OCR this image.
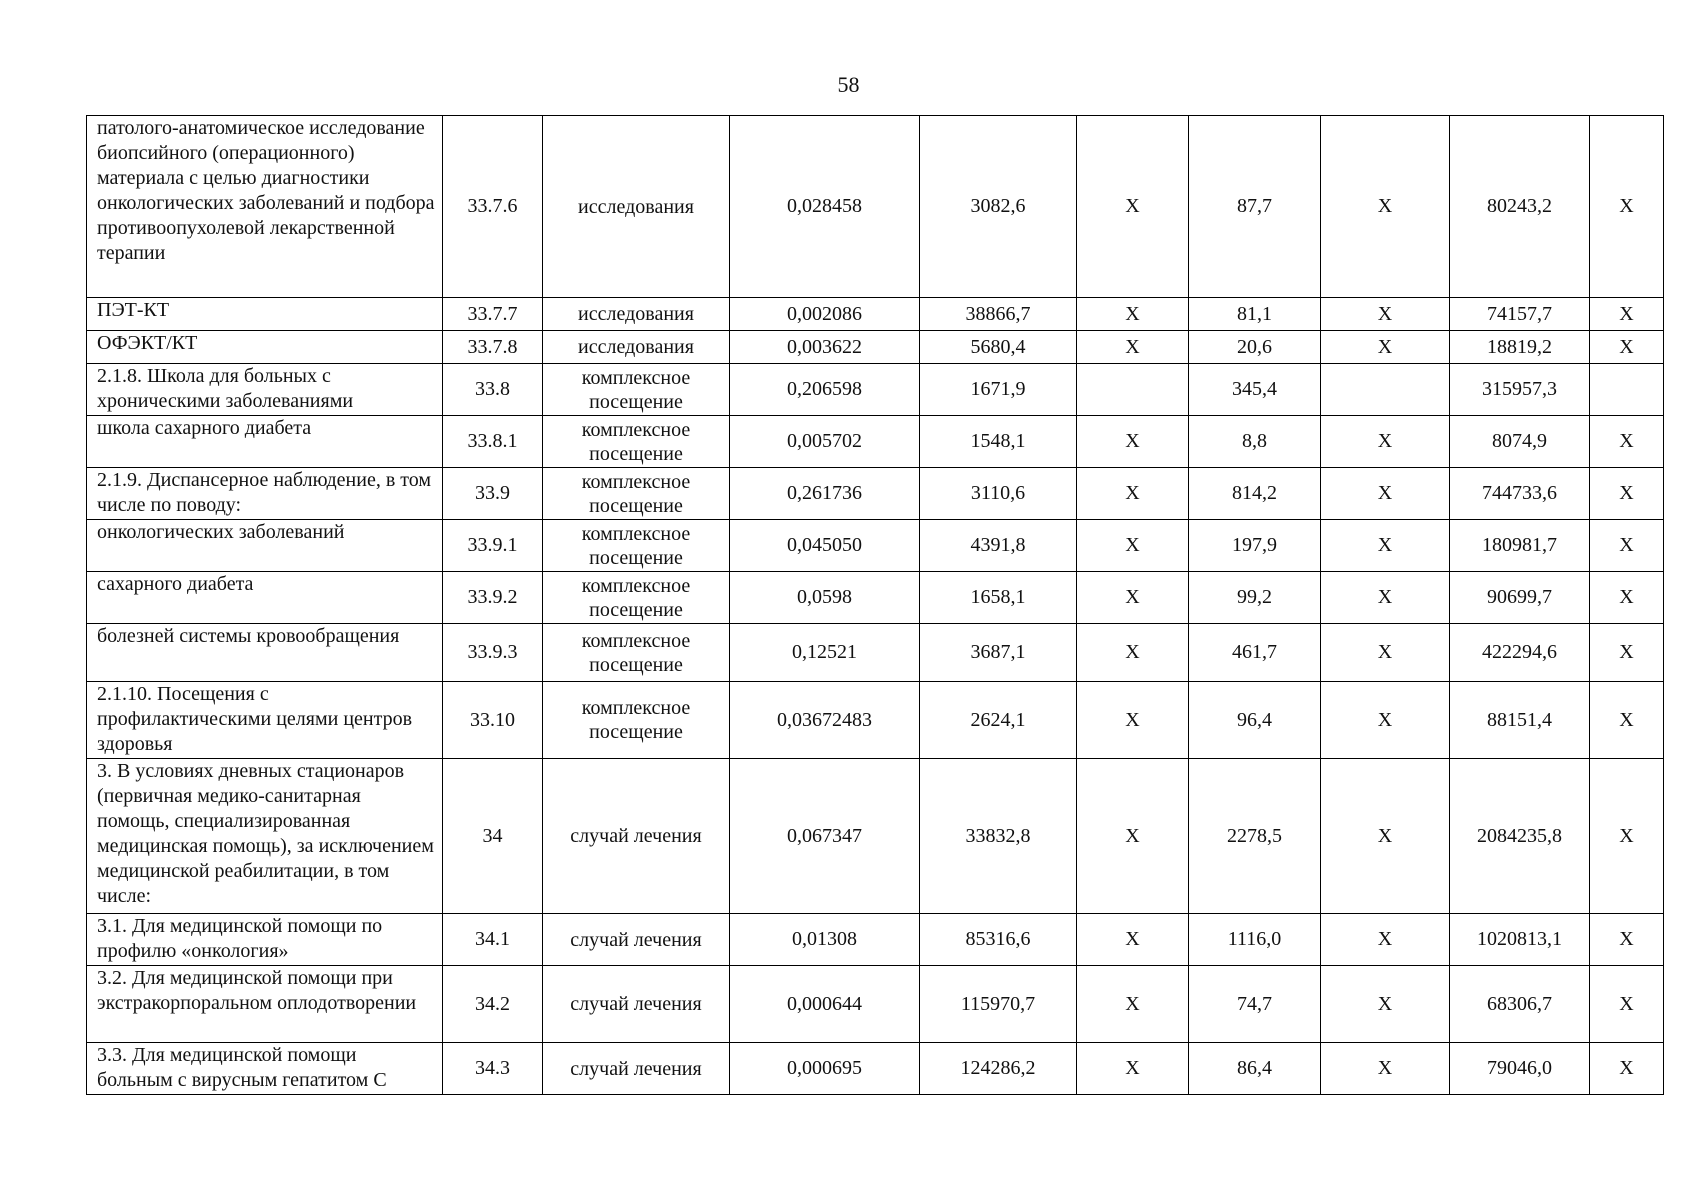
58
патолого-анатомическое исследование биопсийного (операционного) материала с целью диагностики онкологических заболеваний и подбора противоопухолевой лекарственной терапии	33.7.6	исследования	0,028458	3082,6	X	87,7	X	80243,2	X
ПЭТ-КТ	33.7.7	исследования	0,002086	38866,7	X	81,1	X	74157,7	X
ОФЭКТ/КТ	33.7.8	исследования	0,003622	5680,4	X	20,6	X	18819,2	X
2.1.8. Школа для больных с хроническими заболеваниями	33.8	комплексное посещение	0,206598	1671,9		345,4		315957,3	
школа сахарного диабета	33.8.1	комплексное посещение	0,005702	1548,1	X	8,8	X	8074,9	X
2.1.9. Диспансерное наблюдение, в том числе по поводу:	33.9	комплексное посещение	0,261736	3110,6	X	814,2	X	744733,6	X
онкологических заболеваний	33.9.1	комплексное посещение	0,045050	4391,8	X	197,9	X	180981,7	X
сахарного диабета	33.9.2	комплексное посещение	0,0598	1658,1	X	99,2	X	90699,7	X
болезней системы кровообращения	33.9.3	комплексное посещение	0,12521	3687,1	X	461,7	X	422294,6	X
2.1.10. Посещения с профилактическими целями центров здоровья	33.10	комплексное посещение	0,03672483	2624,1	X	96,4	X	88151,4	X
3. В условиях дневных стационаров (первичная медико-санитарная помощь, специализированная медицинская помощь), за исключением медицинской реабилитации, в том числе:	34	случай лечения	0,067347	33832,8	X	2278,5	X	2084235,8	X
3.1. Для медицинской помощи по профилю «онкология»	34.1	случай лечения	0,01308	85316,6	X	1116,0	X	1020813,1	X
3.2. Для медицинской помощи при экстракорпоральном оплодотворении	34.2	случай лечения	0,000644	115970,7	X	74,7	X	68306,7	X
3.3. Для медицинской помощи больным с вирусным гепатитом С	34.3	случай лечения	0,000695	124286,2	X	86,4	X	79046,0	X
